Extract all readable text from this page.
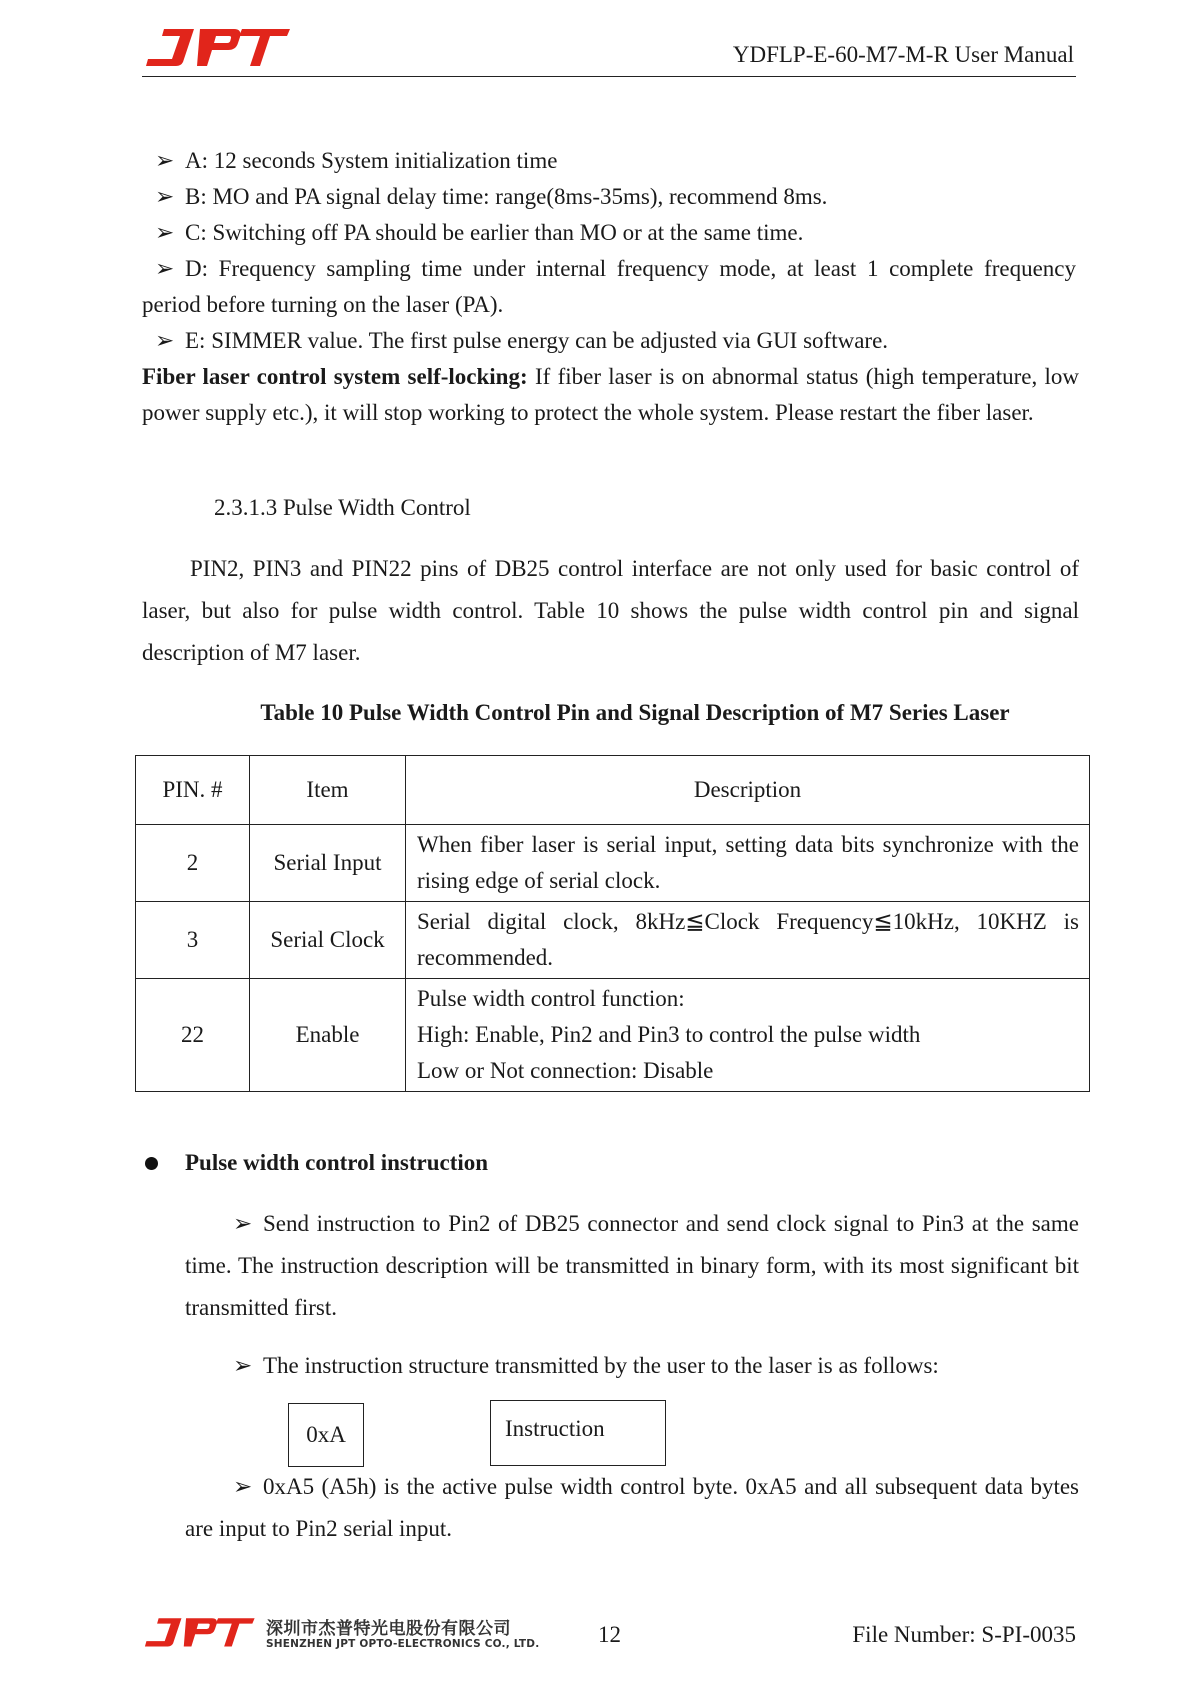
YDFLP-E-60-M7-M-R User Manual
➢ A: 12 seconds System initialization time
➢ B: MO and PA signal delay time: range(8ms-35ms), recommend 8ms.
➢ C: Switching off PA should be earlier than MO or at the same time.
➢ D: Frequency sampling time under internal frequency mode, at least 1 complete frequency period before turning on the laser (PA).
➢ E: SIMMER value. The first pulse energy can be adjusted via GUI software.
Fiber laser control system self-locking: If fiber laser is on abnormal status (high temperature, low power supply etc.), it will stop working to protect the whole system. Please restart the fiber laser.
2.3.1.3 Pulse Width Control
PIN2, PIN3 and PIN22 pins of DB25 control interface are not only used for basic control of laser, but also for pulse width control. Table 10 shows the pulse width control pin and signal description of M7 laser.
Table 10 Pulse Width Control Pin and Signal Description of M7 Series Laser
PIN. #	Item	Description
2	Serial Input	When fiber laser is serial input, setting data bits synchronize with the rising edge of serial clock.
3	Serial Clock	Serial digital clock, 8kHz≦Clock Frequency≦10kHz, 10KHZ is recommended.
22	Enable	Pulse width control function:
High: Enable, Pin2 and Pin3 to control the pulse width
Low or Not connection: Disable
Pulse width control instruction
➢ Send instruction to Pin2 of DB25 connector and send clock signal to Pin3 at the same time. The instruction description will be transmitted in binary form, with its most significant bit transmitted first.
➢ The instruction structure transmitted by the user to the laser is as follows:
0xA	Instruction
➢ 0xA5 (A5h) is the active pulse width control byte. 0xA5 and all subsequent data bytes are input to Pin2 serial input.
深圳市杰普特光电股份有限公司
SHENZHEN JPT OPTO-ELECTRONICS CO., LTD.	12	File Number: S-PI-0035
